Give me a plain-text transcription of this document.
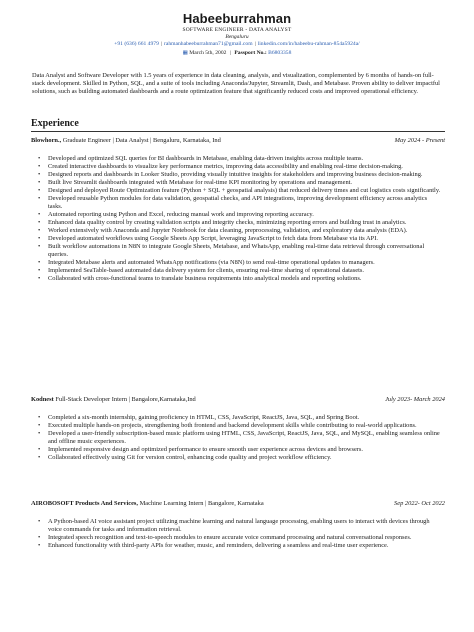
Habeeburrahman
SOFTWARE ENGINEER - DATA ANALYST
Bengaluru
+91 (636) 661 4979 | rahmanhabeeburrahman71@gmail.com | linkedin.com/in/habeebu-rahman-854a5924a/
▦ March 5th, 2002 | Passport No.: B6803358
Data Analyst and Software Developer with 1.5 years of experience in data cleaning, analysis, and visualization, complemented by 6 months of hands-on full-stack development. Skilled in Python, SQL, and a suite of tools including Anaconda/Jupyter, Streamlit, Dash, and Metabase. Proven ability to deliver impactful solutions, such as building automated dashboards and a route optimization feature that significantly reduced costs and improved operational efficiency.
Experience
Blowhorn., Graduate Engineer | Data Analyst | Bengaluru, Karnataka, Ind	May 2024 - Present
• Developed and optimized SQL queries for BI dashboards in Metabase, enabling data-driven insights across multiple teams.
• Created interactive dashboards to visualize key performance metrics, improving data accessibility and enabling real-time decision-making.
• Designed reports and dashboards in Looker Studio, providing visually intuitive insights for stakeholders and improving business decision-making.
• Built live Streamlit dashboards integrated with Metabase for real-time KPI monitoring by operations and management.
• Designed and deployed Route Optimization feature (Python + SQL + geospatial analysis) that reduced delivery times and cut logistics costs significantly.
• Developed reusable Python modules for data validation, geospatial checks, and API integrations, improving development efficiency across analytics tasks.
• Automated reporting using Python and Excel, reducing manual work and improving reporting accuracy.
• Enhanced data quality control by creating validation scripts and integrity checks, minimizing reporting errors and building trust in analytics.
• Worked extensively with Anaconda and Jupyter Notebook for data cleaning, preprocessing, validation, and exploratory data analysis (EDA).
• Developed automated workflows using Google Sheets App Script, leveraging JavaScript to fetch data from Metabase via its API.
• Built workflow automations in N8N to integrate Google Sheets, Metabase, and WhatsApp, enabling real-time data retrieval through conversational queries.
• Integrated Metabase alerts and automated WhatsApp notifications (via N8N) to send real-time operational updates to managers.
• Implemented SeaTable-based automated data delivery system for clients, ensuring real-time sharing of operational datasets.
• Collaborated with cross-functional teams to translate business requirements into analytical models and reporting solutions.
Kodnest Full-Stack Developer Intern | Bangalore,Karnataka,Ind	July 2023- March 2024
• Completed a six-month internship, gaining proficiency in HTML, CSS, JavaScript, ReactJS, Java, SQL, and Spring Boot.
• Executed multiple hands-on projects, strengthening both frontend and backend development skills while contributing to real-world applications.
• Developed a user-friendly subscription-based music platform using HTML, CSS, JavaScript, ReactJS, Java, SQL, and MySQL, enabling seamless online and offline music experiences.
• Implemented responsive design and optimized performance to ensure smooth user experience across devices and browsers.
• Collaborated effectively using Git for version control, enhancing code quality and project workflow efficiency.
AIROBOSOFT Products And Services, Machine Learning Intern | Bangalore, Karnataka	Sep 2022- Oct 2022
• A Python-based AI voice assistant project utilizing machine learning and natural language processing, enabling users to interact with devices through voice commands for tasks and information retrieval.
• Integrated speech recognition and text-to-speech modules to ensure accurate voice command processing and natural conversational responses.
• Enhanced functionality with third-party APIs for weather, music, and reminders, delivering a seamless and real-time user experience.
